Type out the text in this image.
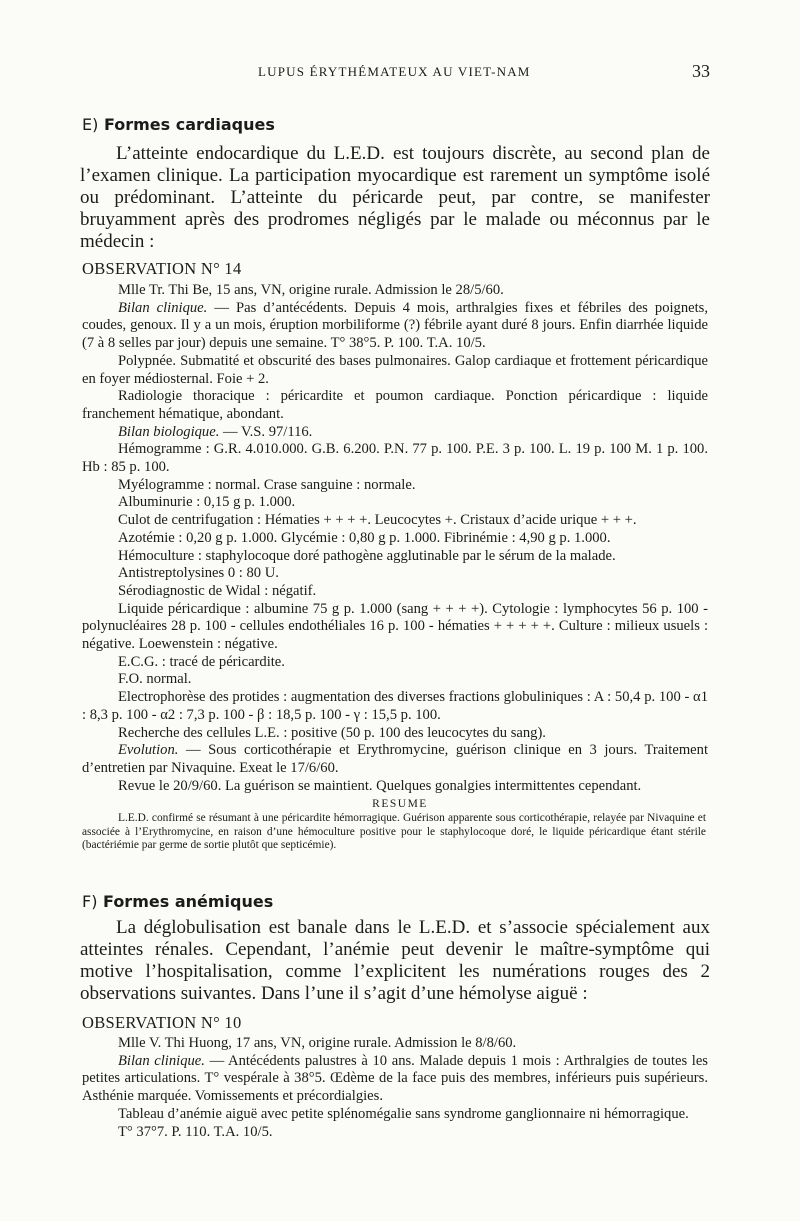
LUPUS ÉRYTHÉMATEUX AU VIET-NAM	33
E) Formes cardiaques

L’atteinte endocardique du L.E.D. est toujours discrète, au second plan de l’examen clinique. La participation myocardique est rarement un symptôme isolé ou prédominant. L’atteinte du péricarde peut, par contre, se manifester bruyamment après des prodromes négligés par le malade ou méconnus par le médecin :

OBSERVATION N° 14

Mlle Tr. Thi Be, 15 ans, VN, origine rurale. Admission le 28/5/60.

Bilan clinique. — Pas d’antécédents. Depuis 4 mois, arthralgies fixes et fébriles des poignets, coudes, genoux. Il y a un mois, éruption morbiliforme (?) fébrile ayant duré 8 jours. Enfin diarrhée liquide (7 à 8 selles par jour) depuis une semaine. T° 38°5. P. 100. T.A. 10/5.

Polypnée. Submatité et obscurité des bases pulmonaires. Galop cardiaque et frottement péricardique en foyer médiosternal. Foie + 2.

Radiologie thoracique : péricardite et poumon cardiaque. Ponction péricardique : liquide franchement hématique, abondant.

Bilan biologique. — V.S. 97/116.

Hémogramme : G.R. 4.010.000. G.B. 6.200. P.N. 77 p. 100. P.E. 3 p. 100. L. 19 p. 100 M. 1 p. 100. Hb : 85 p. 100.

Myélogramme : normal. Crase sanguine : normale.

Albuminurie : 0,15 g p. 1.000.

Culot de centrifugation : Hématies + + + +. Leucocytes +. Cristaux d’acide urique + + +.

Azotémie : 0,20 g p. 1.000. Glycémie : 0,80 g p. 1.000. Fibrinémie : 4,90 g p. 1.000.

Hémoculture : staphylocoque doré pathogène agglutinable par le sérum de la malade.

Antistreptolysines 0 : 80 U.

Sérodiagnostic de Widal : négatif.

Liquide péricardique : albumine 75 g p. 1.000 (sang + + + +). Cytologie : lymphocytes 56 p. 100 - polynucléaires 28 p. 100 - cellules endothéliales 16 p. 100 - hématies + + + + +. Culture : milieux usuels : négative. Loewenstein : négative.

E.C.G. : tracé de péricardite.

F.O. normal.

Electrophorèse des protides : augmentation des diverses fractions globuliniques : A : 50,4 p. 100 - α1 : 8,3 p. 100 - α2 : 7,3 p. 100 - β : 18,5 p. 100 - γ : 15,5 p. 100.

Recherche des cellules L.E. : positive (50 p. 100 des leucocytes du sang).

Evolution. — Sous corticothérapie et Erythromycine, guérison clinique en 3 jours. Traitement d’entretien par Nivaquine. Exeat le 17/6/60.

Revue le 20/9/60. La guérison se maintient. Quelques gonalgies intermittentes cependant.

RESUME

L.E.D. confirmé se résumant à une péricardite hémorragique. Guérison apparente sous corticothérapie, relayée par Nivaquine et associée à l’Erythromycine, en raison d’une hémoculture positive pour le staphylocoque doré, le liquide péricardique étant stérile (bactériémie par germe de sortie plutôt que septicémie).

F) Formes anémiques

La déglobulisation est banale dans le L.E.D. et s’associe spécialement aux atteintes rénales. Cependant, l’anémie peut devenir le maître-symptôme qui motive l’hospitalisation, comme l’explicitent les numérations rouges des 2 observations suivantes. Dans l’une il s’agit d’une hémolyse aiguë :

OBSERVATION N° 10

Mlle V. Thi Huong, 17 ans, VN, origine rurale. Admission le 8/8/60.

Bilan clinique. — Antécédents palustres à 10 ans. Malade depuis 1 mois : Arthralgies de toutes les petites articulations. T° vespérale à 38°5. Œdème de la face puis des membres, inférieurs puis supérieurs. Asthénie marquée. Vomissements et précordialgies.

Tableau d’anémie aiguë avec petite splénomégalie sans syndrome ganglionnaire ni hémorragique.

T° 37°7. P. 110. T.A. 10/5.
